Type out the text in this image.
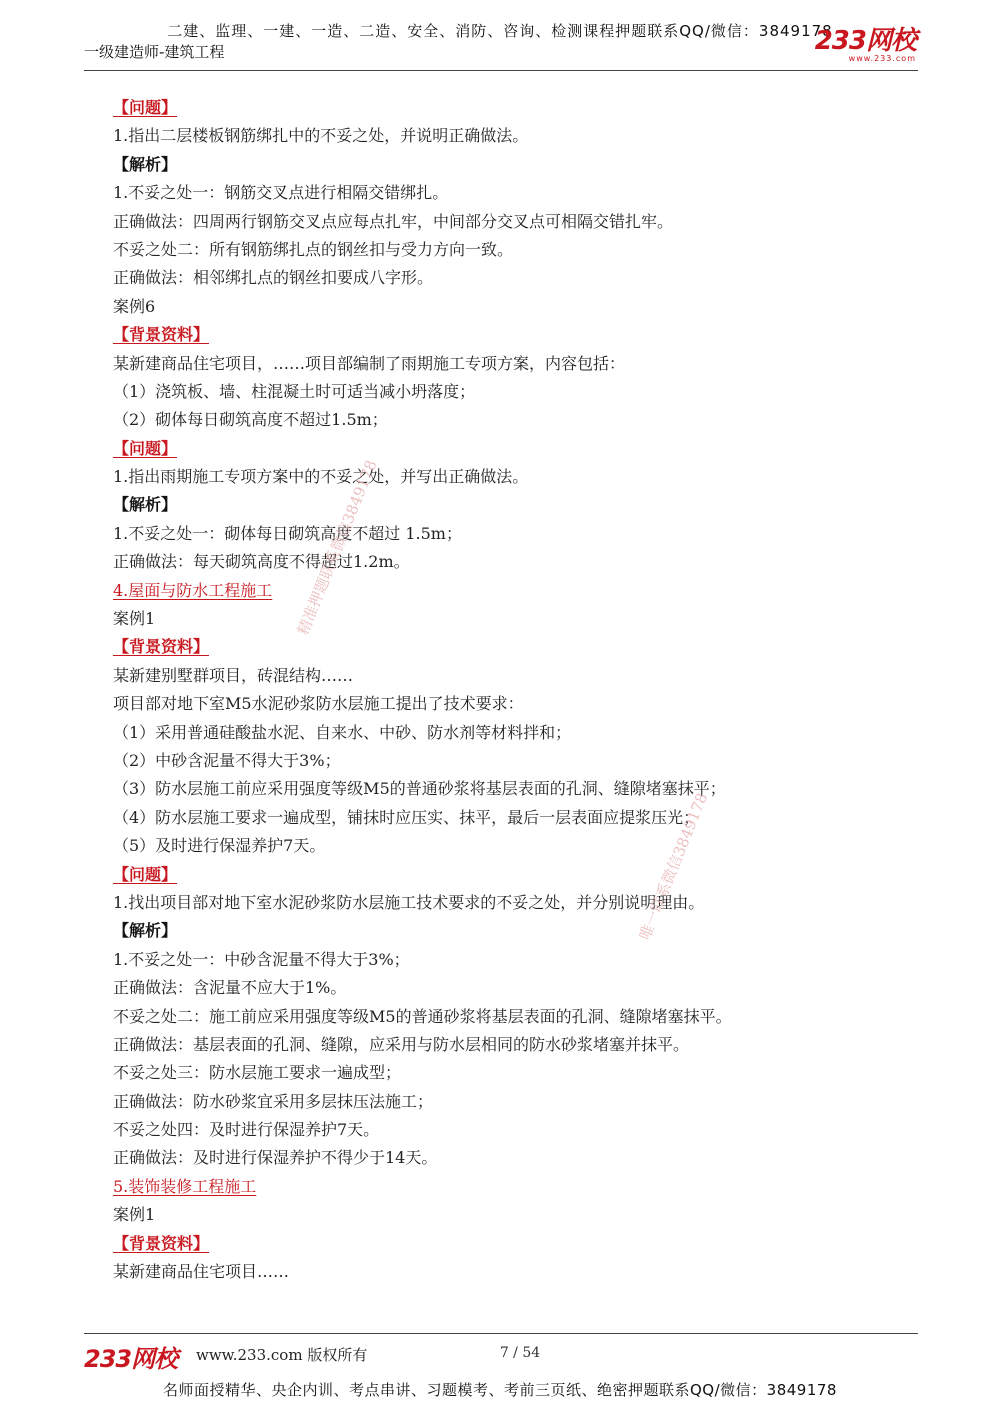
二建、监理、一建、一造、二造、安全、消防、咨询、检测课程押题联系QQ/微信：3849178
一级建造师-建筑工程	233网校
www.233.com
【问题】
1.指出二层楼板钢筋绑扎中的不妥之处，并说明正确做法。
【解析】
1.不妥之处一：钢筋交叉点进行相隔交错绑扎。
正确做法：四周两行钢筋交叉点应每点扎牢，中间部分交叉点可相隔交错扎牢。
不妥之处二：所有钢筋绑扎点的钢丝扣与受力方向一致。
正确做法：相邻绑扎点的钢丝扣要成八字形。
案例6
【背景资料】
某新建商品住宅项目，……项目部编制了雨期施工专项方案，内容包括：
（1）浇筑板、墙、柱混凝土时可适当减小坍落度；
（2）砌体每日砌筑高度不超过1.5m；
【问题】
1.指出雨期施工专项方案中的不妥之处，并写出正确做法。
【解析】
1.不妥之处一：砌体每日砌筑高度不超过 1.5m；
正确做法：每天砌筑高度不得超过1.2m。
4.屋面与防水工程施工
案例1
【背景资料】
某新建别墅群项目，砖混结构……
项目部对地下室M5水泥砂浆防水层施工提出了技术要求：
（1）采用普通硅酸盐水泥、自来水、中砂、防水剂等材料拌和；
（2）中砂含泥量不得大于3%；
（3）防水层施工前应采用强度等级M5的普通砂浆将基层表面的孔洞、缝隙堵塞抹平；
（4）防水层施工要求一遍成型，铺抹时应压实、抹平，最后一层表面应提浆压光；
（5）及时进行保湿养护7天。
【问题】
1.找出项目部对地下室水泥砂浆防水层施工技术要求的不妥之处，并分别说明理由。
【解析】
1.不妥之处一：中砂含泥量不得大于3%；
正确做法：含泥量不应大于1%。
不妥之处二：施工前应采用强度等级M5的普通砂浆将基层表面的孔洞、缝隙堵塞抹平。
正确做法：基层表面的孔洞、缝隙，应采用与防水层相同的防水砂浆堵塞并抹平。
不妥之处三：防水层施工要求一遍成型；
正确做法：防水砂浆宜采用多层抹压法施工；
不妥之处四：及时进行保湿养护7天。
正确做法：及时进行保湿养护不得少于14天。
5.装饰装修工程施工
案例1
【背景资料】
某新建商品住宅项目……
精准押题联系微信3849178
唯一联系微信3849178
233网校 www.233.com 版权所有	7 / 54
名师面授精华、央企内训、考点串讲、习题模考、考前三页纸、绝密押题联系QQ/微信：3849178
